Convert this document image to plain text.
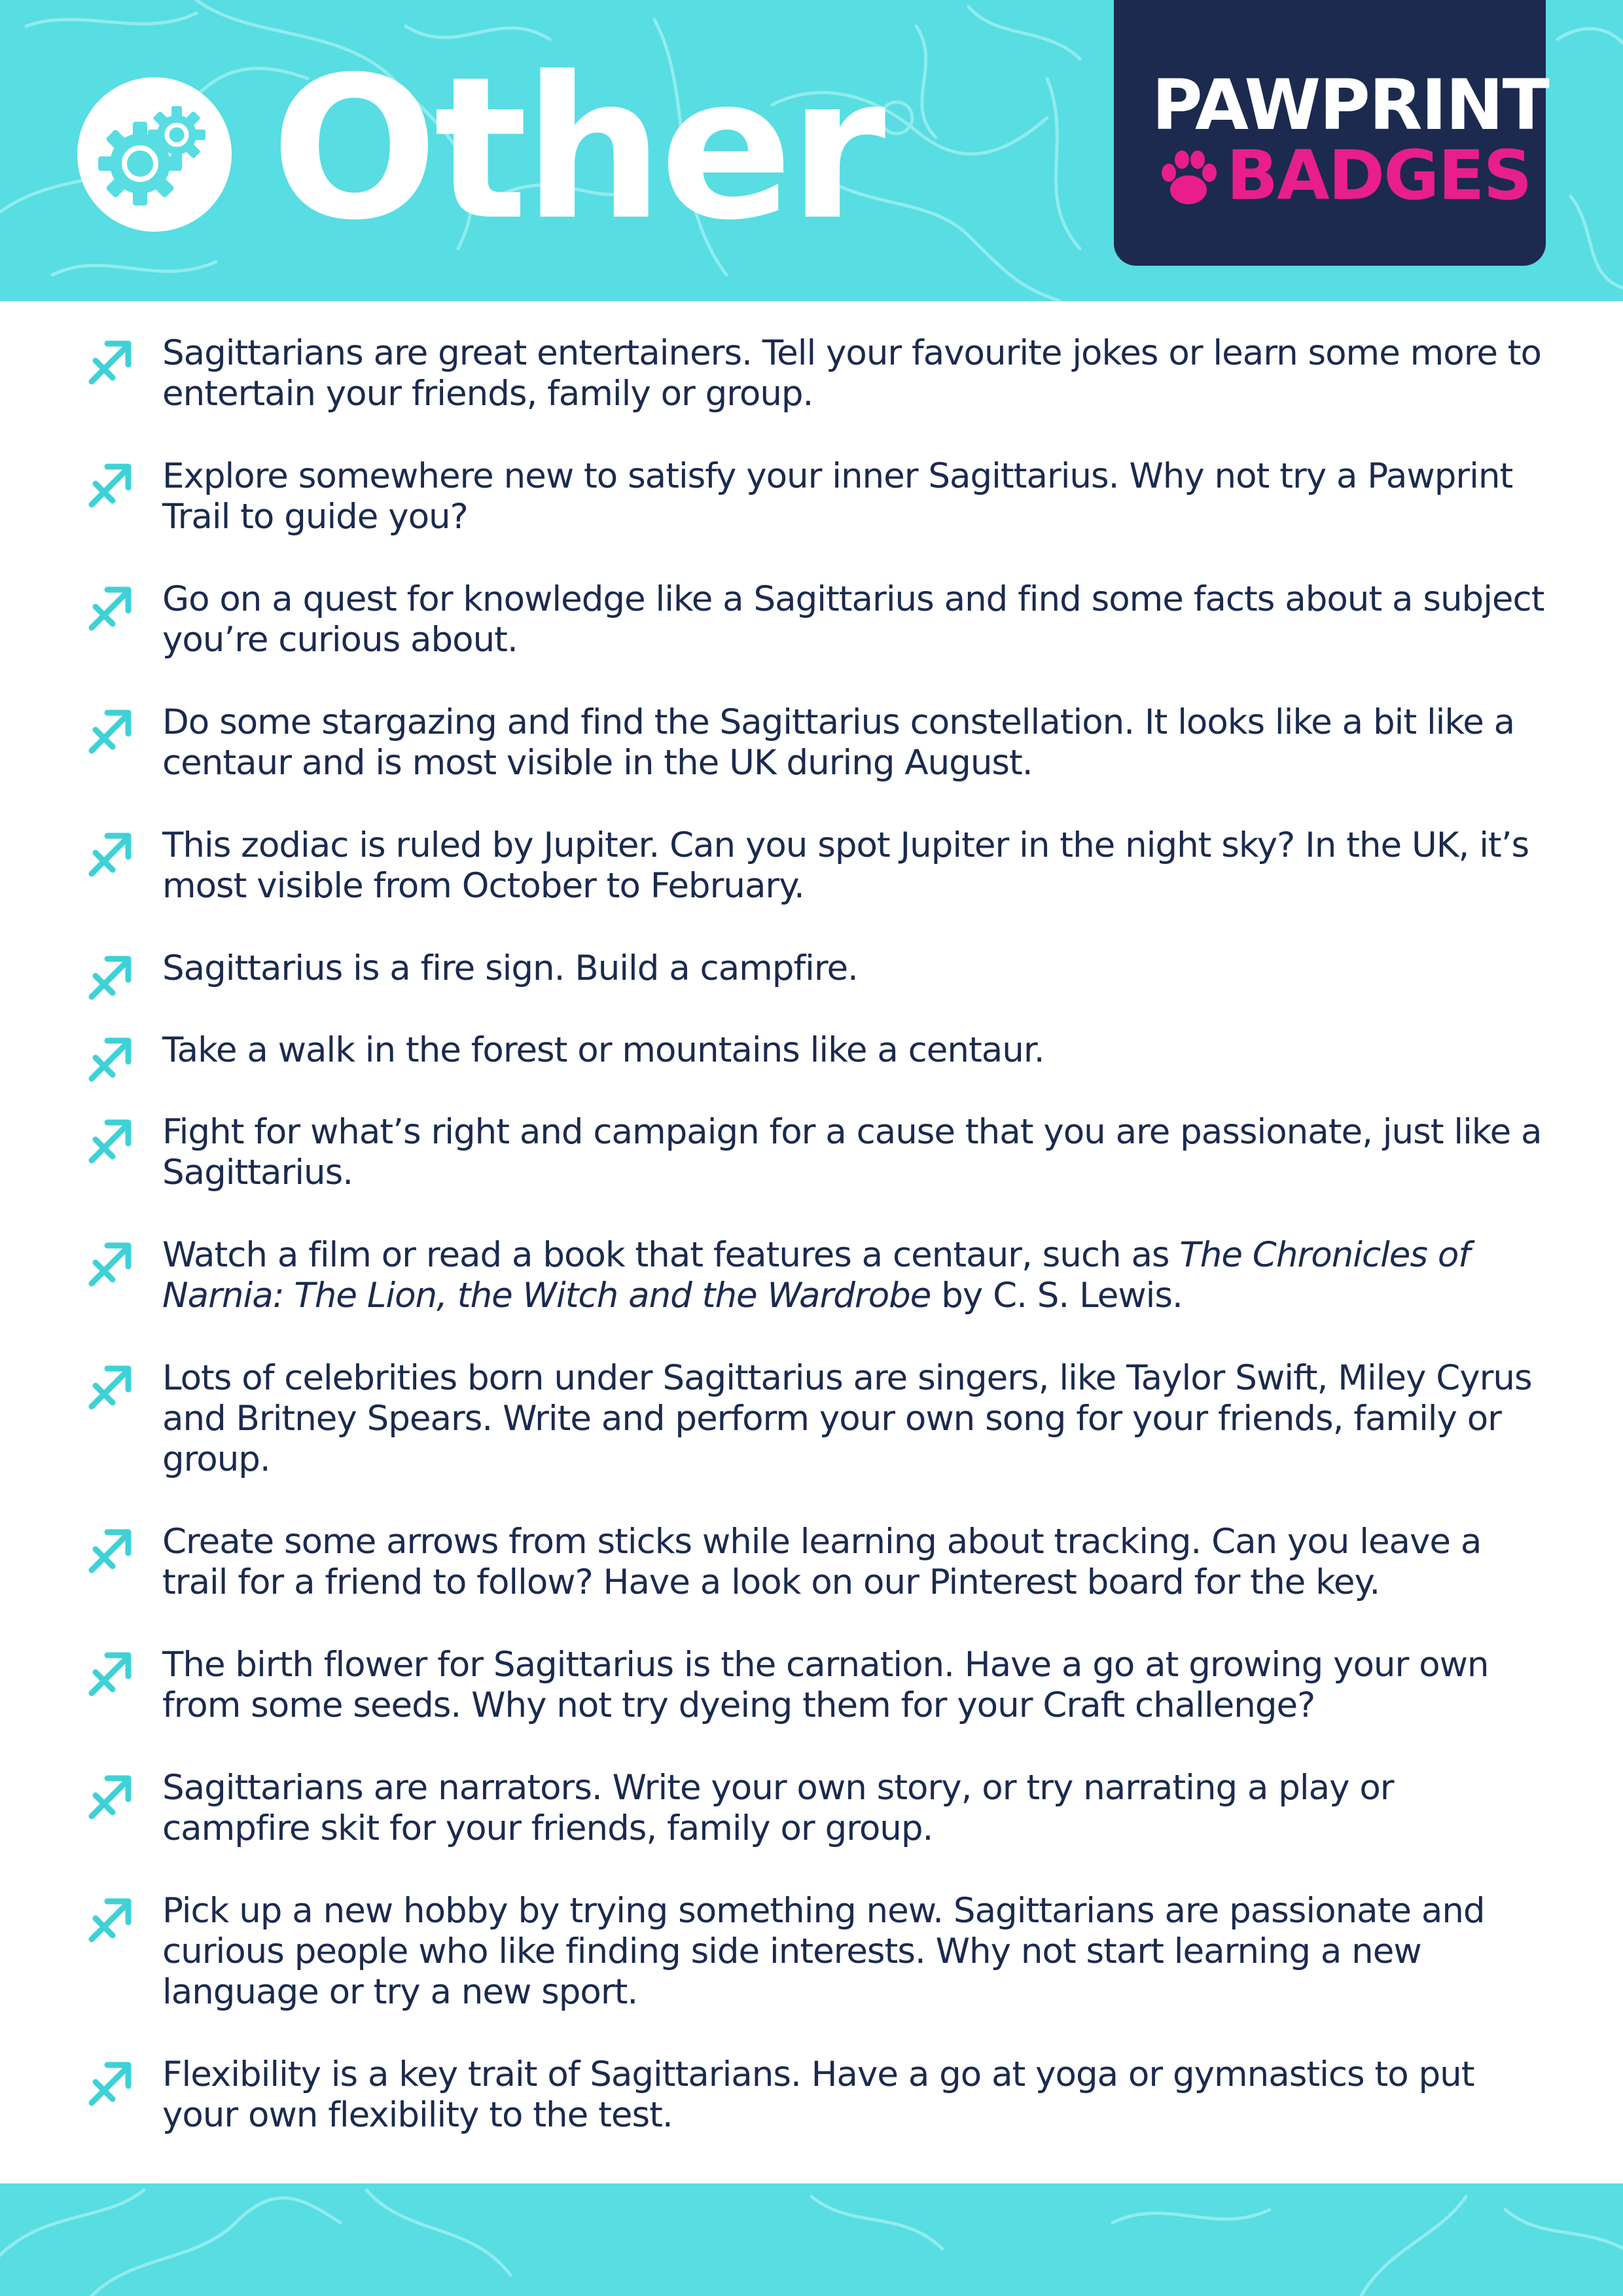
Other	PAWPRINT
BADGES

Sagittarians are great entertainers. Tell your favourite jokes or learn some more to entertain your friends, family or group.

Explore somewhere new to satisfy your inner Sagittarius. Why not try a Pawprint Trail to guide you?

Go on a quest for knowledge like a Sagittarius and find some facts about a subject you’re curious about.

Do some stargazing and find the Sagittarius constellation. It looks like a bit like a centaur and is most visible in the UK during August.

This zodiac is ruled by Jupiter. Can you spot Jupiter in the night sky? In the UK, it’s most visible from October to February.

Sagittarius is a fire sign. Build a campfire.

Take a walk in the forest or mountains like a centaur.

Fight for what’s right and campaign for a cause that you are passionate, just like a Sagittarius.

Watch a film or read a book that features a centaur, such as The Chronicles of Narnia: The Lion, the Witch and the Wardrobe by C. S. Lewis.

Lots of celebrities born under Sagittarius are singers, like Taylor Swift, Miley Cyrus and Britney Spears. Write and perform your own song for your friends, family or group.

Create some arrows from sticks while learning about tracking. Can you leave a trail for a friend to follow? Have a look on our Pinterest board for the key.

The birth flower for Sagittarius is the carnation. Have a go at growing your own from some seeds. Why not try dyeing them for your Craft challenge?

Sagittarians are narrators. Write your own story, or try narrating a play or campfire skit for your friends, family or group.

Pick up a new hobby by trying something new. Sagittarians are passionate and curious people who like finding side interests. Why not start learning a new language or try a new sport.

Flexibility is a key trait of Sagittarians. Have a go at yoga or gymnastics to put your own flexibility to the test.
